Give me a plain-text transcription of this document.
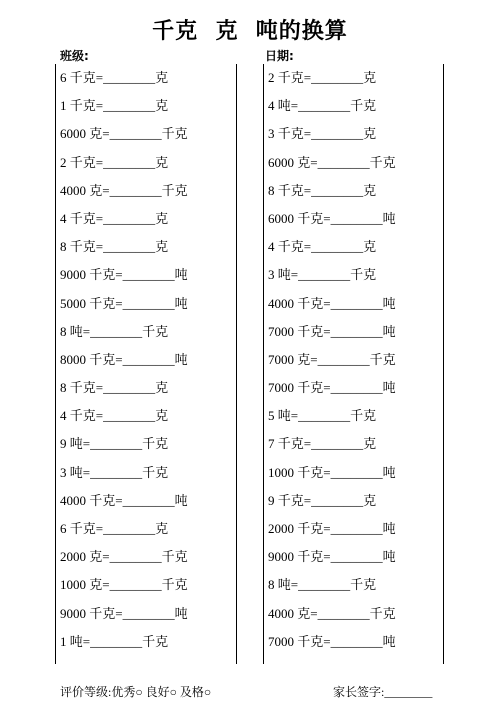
千克  克  吨的换算
班级:	日期:
6 千克=________克
1 千克=________克
6000 克=________千克
2 千克=________克
4000 克=________千克
4 千克=________克
8 千克=________克
9000 千克=________吨
5000 千克=________吨
8 吨=________千克
8000 千克=________吨
8 千克=________克
4 千克=________克
9 吨=________千克
3 吨=________千克
4000 千克=________吨
6 千克=________克
2000 克=________千克
1000 克=________千克
9000 千克=________吨
1 吨=________千克
2 千克=________克
4 吨=________千克
3 千克=________克
6000 克=________千克
8 千克=________克
6000 千克=________吨
4 千克=________克
3 吨=________千克
4000 千克=________吨
7000 千克=________吨
7000 克=________千克
7000 千克=________吨
5 吨=________千克
7 千克=________克
1000 千克=________吨
9 千克=________克
2000 千克=________吨
9000 千克=________吨
8 吨=________千克
4000 克=________千克
7000 千克=________吨
评价等级:优秀○ 良好○ 及格○	家长签字:________
